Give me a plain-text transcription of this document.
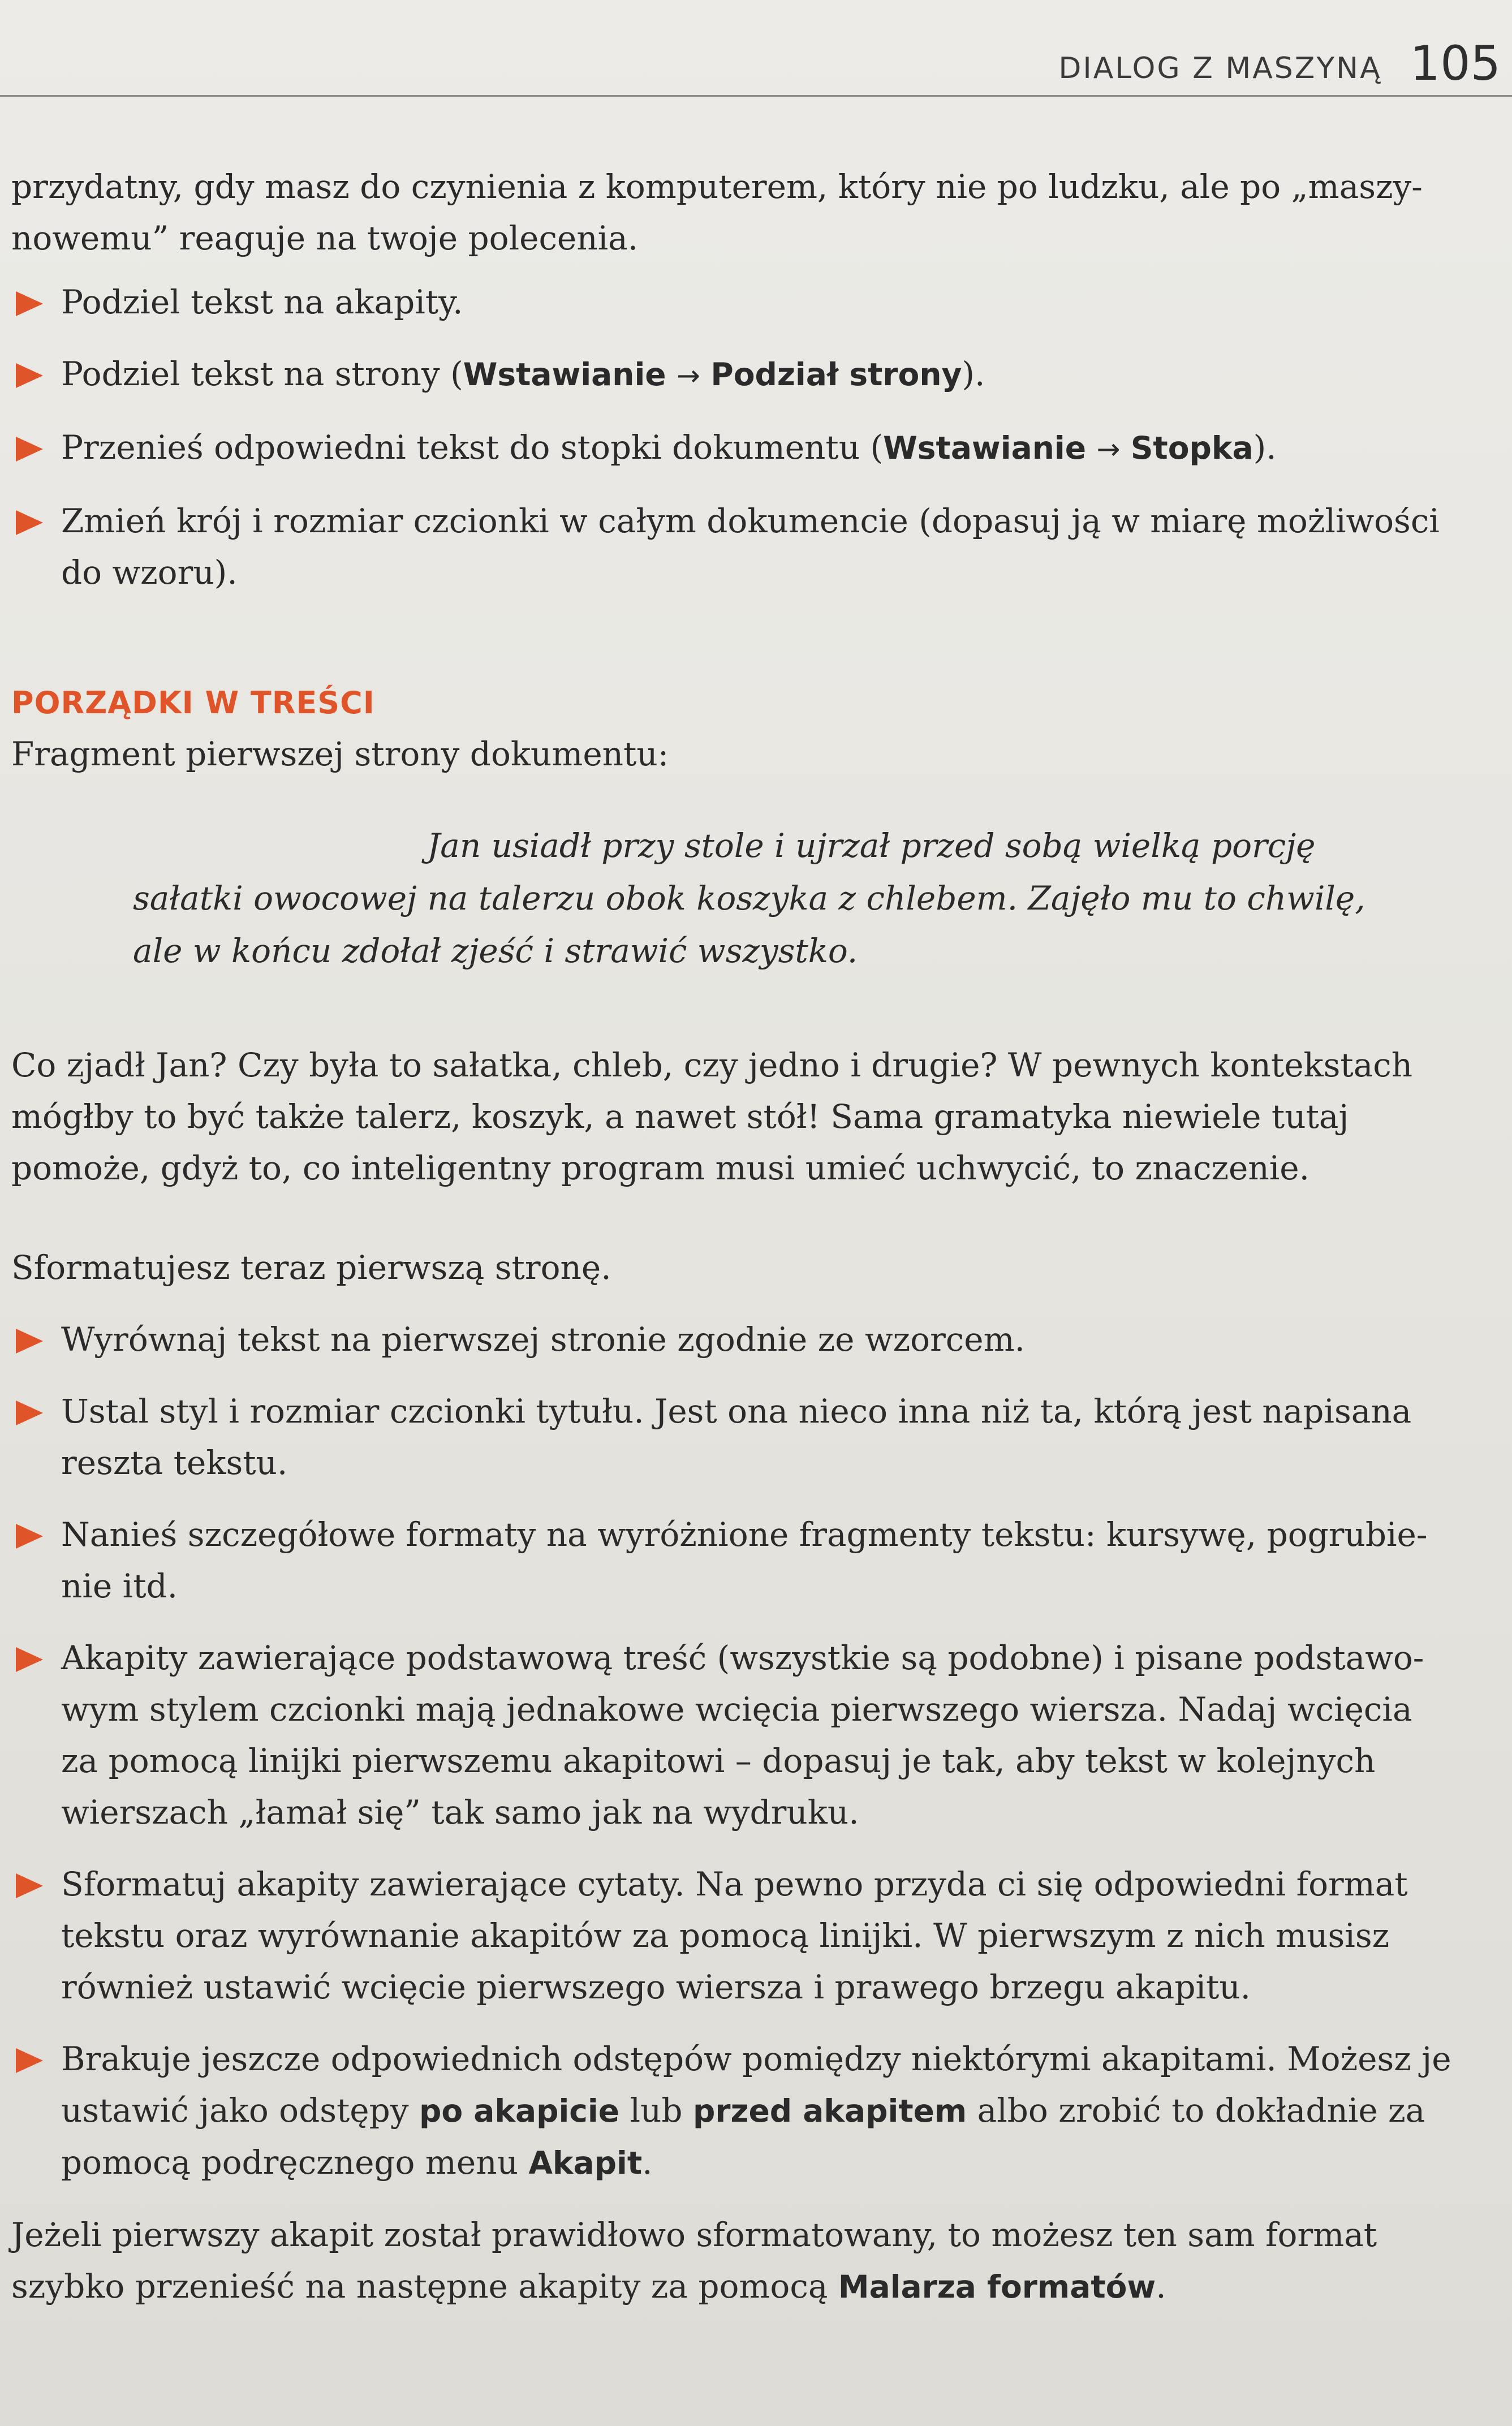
DIALOG Z MASZYNĄ 105

przydatny, gdy masz do czynienia z komputerem, który nie po ludzku, ale po „maszy- nowemu” reaguje na twoje polecenia.

Podziel tekst na akapity.
Podziel tekst na strony (Wstawianie → Podział strony).
Przenieś odpowiedni tekst do stopki dokumentu (Wstawianie → Stopka).
Zmień krój i rozmiar czcionki w całym dokumencie (dopasuj ją w miarę możliwości do wzoru).
PORZĄDKI W TREŚCI

Fragment pierwszej strony dokumentu:

Jan usiadł przy stole i ujrzał przed sobą wielką porcję
sałatki owocowej na talerzu obok koszyka z chlebem. Zajęło mu to chwilę,
ale w końcu zdołał zjeść i strawić wszystko.

Co zjadł Jan? Czy była to sałatka, chleb, czy jedno i drugie? W pewnych kontekstach mógłby to być także talerz, koszyk, a nawet stół! Sama gramatyka niewiele tutaj pomoże, gdyż to, co inteligentny program musi umieć uchwycić, to znaczenie.

Sformatujesz teraz pierwszą stronę.

Wyrównaj tekst na pierwszej stronie zgodnie ze wzorcem.
Ustal styl i rozmiar czcionki tytułu. Jest ona nieco inna niż ta, którą jest napisana reszta tekstu.
Nanieś szczegółowe formaty na wyróżnione fragmenty tekstu: kursywę, pogrubie- nie itd.
Akapity zawierające podstawową treść (wszystkie są podobne) i pisane podstawo- wym stylem czcionki mają jednakowe wcięcia pierwszego wiersza. Nadaj wcięcia za pomocą linijki pierwszemu akapitowi – dopasuj je tak, aby tekst w kolejnych wierszach „łamał się” tak samo jak na wydruku.
Sformatuj akapity zawierające cytaty. Na pewno przyda ci się odpowiedni format tekstu oraz wyrównanie akapitów za pomocą linijki. W pierwszym z nich musisz również ustawić wcięcie pierwszego wiersza i prawego brzegu akapitu.
Brakuje jeszcze odpowiednich odstępów pomiędzy niektórymi akapitami. Możesz je ustawić jako odstępy po akapicie lub przed akapitem albo zrobić to dokładnie za pomocą podręcznego menu Akapit.

Jeżeli pierwszy akapit został prawidłowo sformatowany, to możesz ten sam format szybko przenieść na następne akapity za pomocą Malarza formatów.
